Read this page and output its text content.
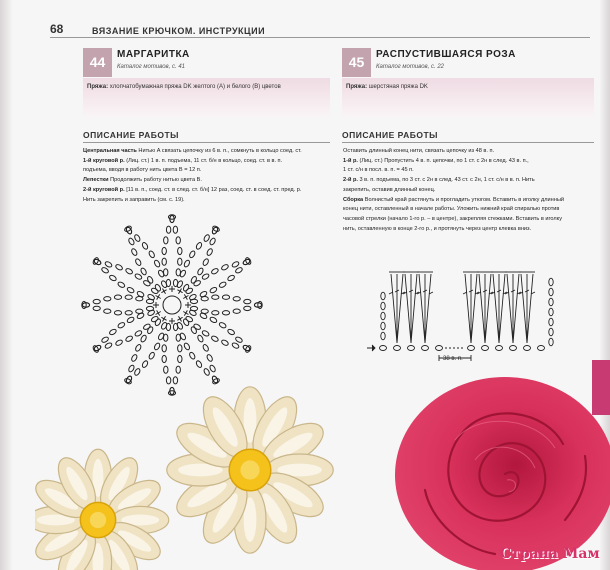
68	ВЯЗАНИЕ КРЮЧКОМ. ИНСТРУКЦИИ
44	МАРГАРИТКА
Каталог мотивов, с. 41
Пряжа: хлопчатобумажная пряжа DK желтого (A) и белого (B) цветов
ОПИСАНИЕ РАБОТЫ

Центральная часть Нитью A связать цепочку из 6 в. п., сомкнуть в кольцо соед. ст.

1-й круговой р. (Лиц. ст.) 1 в. п. подъема, 11 ст. б/н в кольцо, соед. ст. в в. п.

подъема, вводя в работу нить цвета B = 12 п.

Лепестки Продолжить работу нитью цвета B.

2-й круговой р. [11 в. п., соед. ст. в след. ст. б/н] 12 раз, соед. ст. в соед. ст. пред. р.

Нить закрепить и заправить (см. с. 19).

45	РАСПУСТИВШАЯСЯ РОЗА
Каталог мотивов, с. 22
Пряжа: шерстяная пряжа DK
ОПИСАНИЕ РАБОТЫ

Оставить длинный конец нити, связать цепочку из 48 в. п.

1-й р. (Лиц. ст.) Пропустить 4 в. п. цепочки, по 1 ст. с 2н в след. 43 в. п.,

1 ст. с/н в посл. в. п. = 45 п.

2-й р. 3 в. п. подъема, по 3 ст. с 2н в след. 43 ст. с 2н, 1 ст. с/н в в. п. Нить

закрепить, оставив длинный конец.

Сборка Волнистый край растянуть и прогладить утюгом. Вставить в иголку длинный

конец нити, оставленный в начале работы. Уложить нижний край спиралью против

часовой стрелки (начало 1-го р. – в центре), закрепляя стежками. Вставить в иголку

нить, оставленную в конце 2-го р., и протянуть через центр клевка вниз.

38 в. п.
Страна Мам
